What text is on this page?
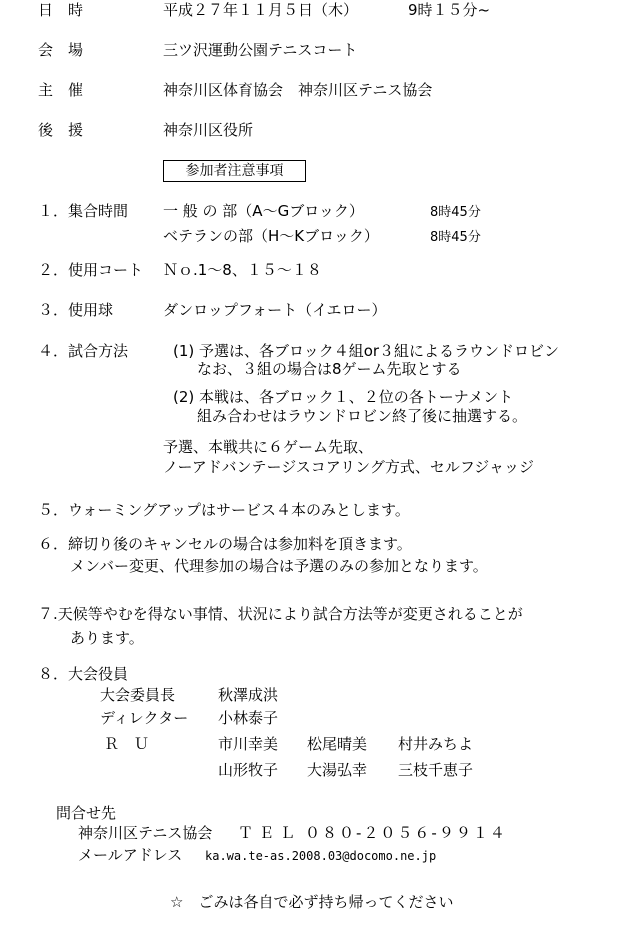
日　時	平成２７年１１月５日（木）	9時１５分~
会　場	三ツ沢運動公園テニスコート
主　催	神奈川区体育協会　神奈川区テニス協会
後　援	神奈川区役所
参加者注意事項
１．集合時間 一 般 の 部（A～Gブロック）	8時45分
ベテランの部（H～Kブロック）	8時45分
２．使用コート Ｎｏ.1～8、１５～１８
３．使用球	ダンロップフォート（イエロー）
４．試合方法	(1) 予選は、各ブロック４組or３組によるラウンドロビン
なお、３組の場合は8ゲーム先取とする
(2) 本戦は、各ブロック１、２位の各トーナメント
組み合わせはラウンドロビン終了後に抽選する。
予選、本戦共に６ゲーム先取、
ノーアドバンテージスコアリング方式、セルフジャッジ
５．ウォーミングアップはサービス４本のみとします。
６．締切り後のキャンセルの場合は参加料を頂きます。
メンバー変更、代理参加の場合は予選のみの参加となります。
７.天候等やむを得ない事情、状況により試合方法等が変更されることが
あります。
８．大会役員
大会委員長	秋澤成洪
ディレクター 小林泰子
Ｒ　Ｕ	市川幸美 松尾晴美 村井みちよ
山形牧子 大湯弘幸 三枝千恵子
問合せ先
神奈川区テニス協会 ＴＥＬ ０８０-２０５６-９９１４
メールアドレス ka.wa.te-as.2008.03@docomo.ne.jp
☆　ごみは各自で必ず持ち帰ってください
